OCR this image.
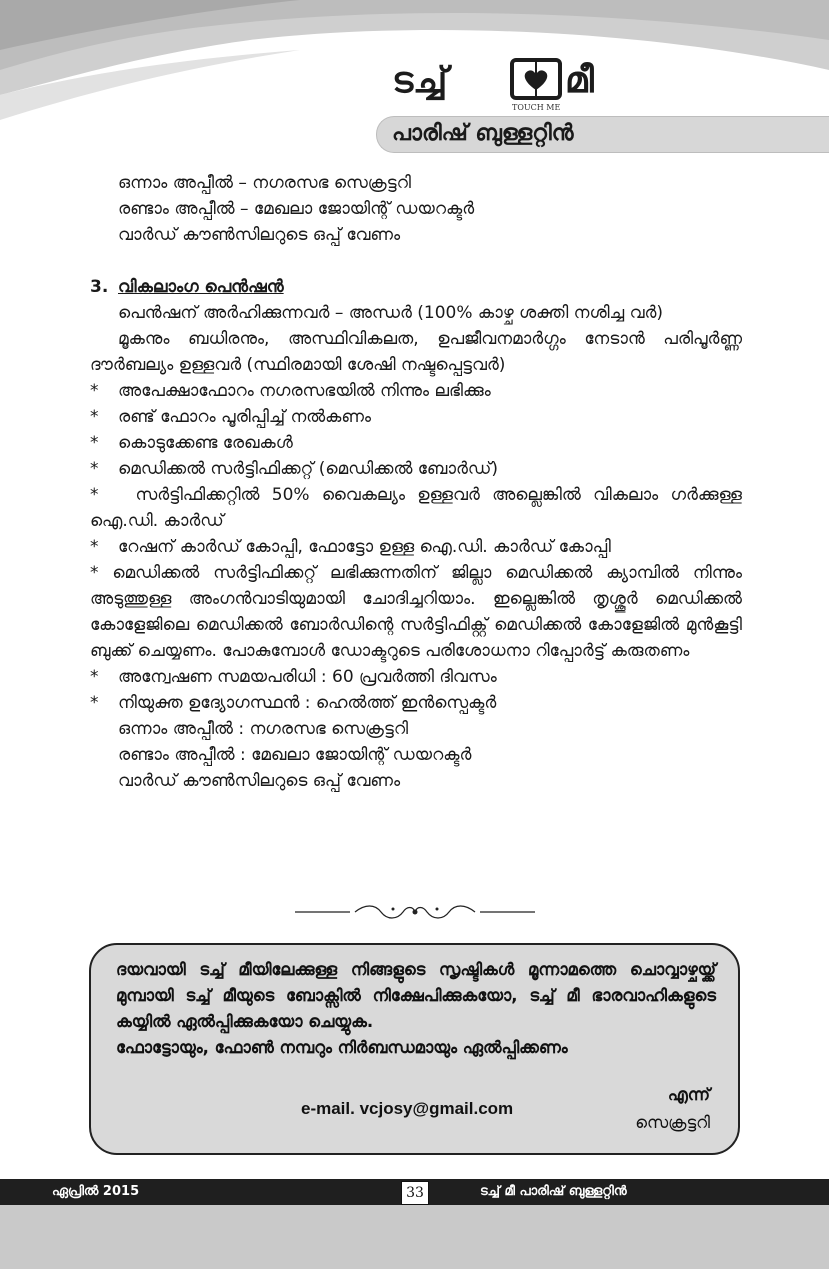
ടച്ച്	മീ
TOUCH ME
പാരിഷ് ബുള്ളറ്റിൻ
ഒന്നാം അപ്പീൽ – നഗരസഭ സെക്രട്ടറി
രണ്ടാം അപ്പീൽ – മേഖലാ ജോയിന്റ് ഡയറക്ടർ
വാർഡ് കൗൺസിലറുടെ ഒപ്പ് വേണം
3. വികലാംഗ പെൻഷൻ
പെൻഷന് അർഹിക്കുന്നവർ – അന്ധർ (100% കാഴ്ച ശക്തി നശിച്ച വർ)
മൂകനും ബധിരനും, അസ്ഥിവികലത, ഉപജീവനമാർഗ്ഗം നേടാൻ പരിപൂർണ്ണ ദൗർബല്യം ഉള്ളവർ (സ്ഥിരമായി ശേഷി നഷ്ടപ്പെട്ടവർ)
*	അപേക്ഷാഫോറം നഗരസഭയിൽ നിന്നും ലഭിക്കും
*	രണ്ട് ഫോറം പൂരിപ്പിച്ച് നൽകണം
*	കൊടുക്കേണ്ട രേഖകൾ
*	മെഡിക്കൽ സർട്ടിഫിക്കറ്റ് (മെഡിക്കൽ ബോർഡ്)
*   സർട്ടിഫിക്കറ്റിൽ 50% വൈകല്യം ഉള്ളവർ അല്ലെങ്കിൽ വികലാം ഗർക്കുള്ള ഐ.ഡി. കാർഡ്
*	റേഷന് കാർഡ് കോപ്പി, ഫോട്ടോ ഉള്ള ഐ.ഡി. കാർഡ് കോപ്പി
* മെഡിക്കൽ സർട്ടിഫിക്കറ്റ് ലഭിക്കുന്നതിന് ജില്ലാ മെഡിക്കൽ ക്യാമ്പിൽ നിന്നും അടുത്തുള്ള അംഗൻവാടിയുമായി ചോദിച്ചറിയാം. ഇല്ലെങ്കിൽ തൃശ്ശൂർ മെഡിക്കൽ കോളേജിലെ മെഡിക്കൽ ബോർഡിന്റെ സർട്ടിഫിക്റ്റ് മെഡിക്കൽ കോളേജിൽ മുൻകൂട്ടി ബുക്ക് ചെയ്യണം. പോകുമ്പോൾ ഡോക്ടറുടെ പരിശോധനാ റിപ്പോർട്ട് കരുതണം
*	അന്വേഷണ സമയപരിധി : 60 പ്രവർത്തി ദിവസം
*	നിയുക്ത ഉദ്യോഗസ്ഥൻ : ഹെൽത്ത് ഇൻസ്പെക്ടർ
ഒന്നാം അപ്പീൽ : നഗരസഭ സെക്രട്ടറി
രണ്ടാം അപ്പീൽ : മേഖലാ ജോയിന്റ് ഡയറക്ടർ
വാർഡ് കൗൺസിലറുടെ ഒപ്പ് വേണം
ദയവായി ടച്ച് മീയിലേക്കുള്ള നിങ്ങളുടെ സൃഷ്ടികൾ മൂന്നാമത്തെ ചൊവ്വാഴ്ചയ്ക്ക് മുമ്പായി ടച്ച് മീയുടെ ബോക്സിൽ നിക്ഷേപിക്കുകയോ, ടച്ച് മീ ഭാരവാഹികളുടെ കയ്യിൽ ഏൽപ്പിക്കുകയോ ചെയ്യുക.
ഫോട്ടോയും, ഫോൺ നമ്പറും നിർബന്ധമായും ഏൽപ്പിക്കണം
e-mail. vcjosy@gmail.com
എന്ന്
സെക്രട്ടറി
ഏപ്രിൽ 2015	33	ടച്ച് മീ പാരിഷ് ബുള്ളറ്റിൻ
